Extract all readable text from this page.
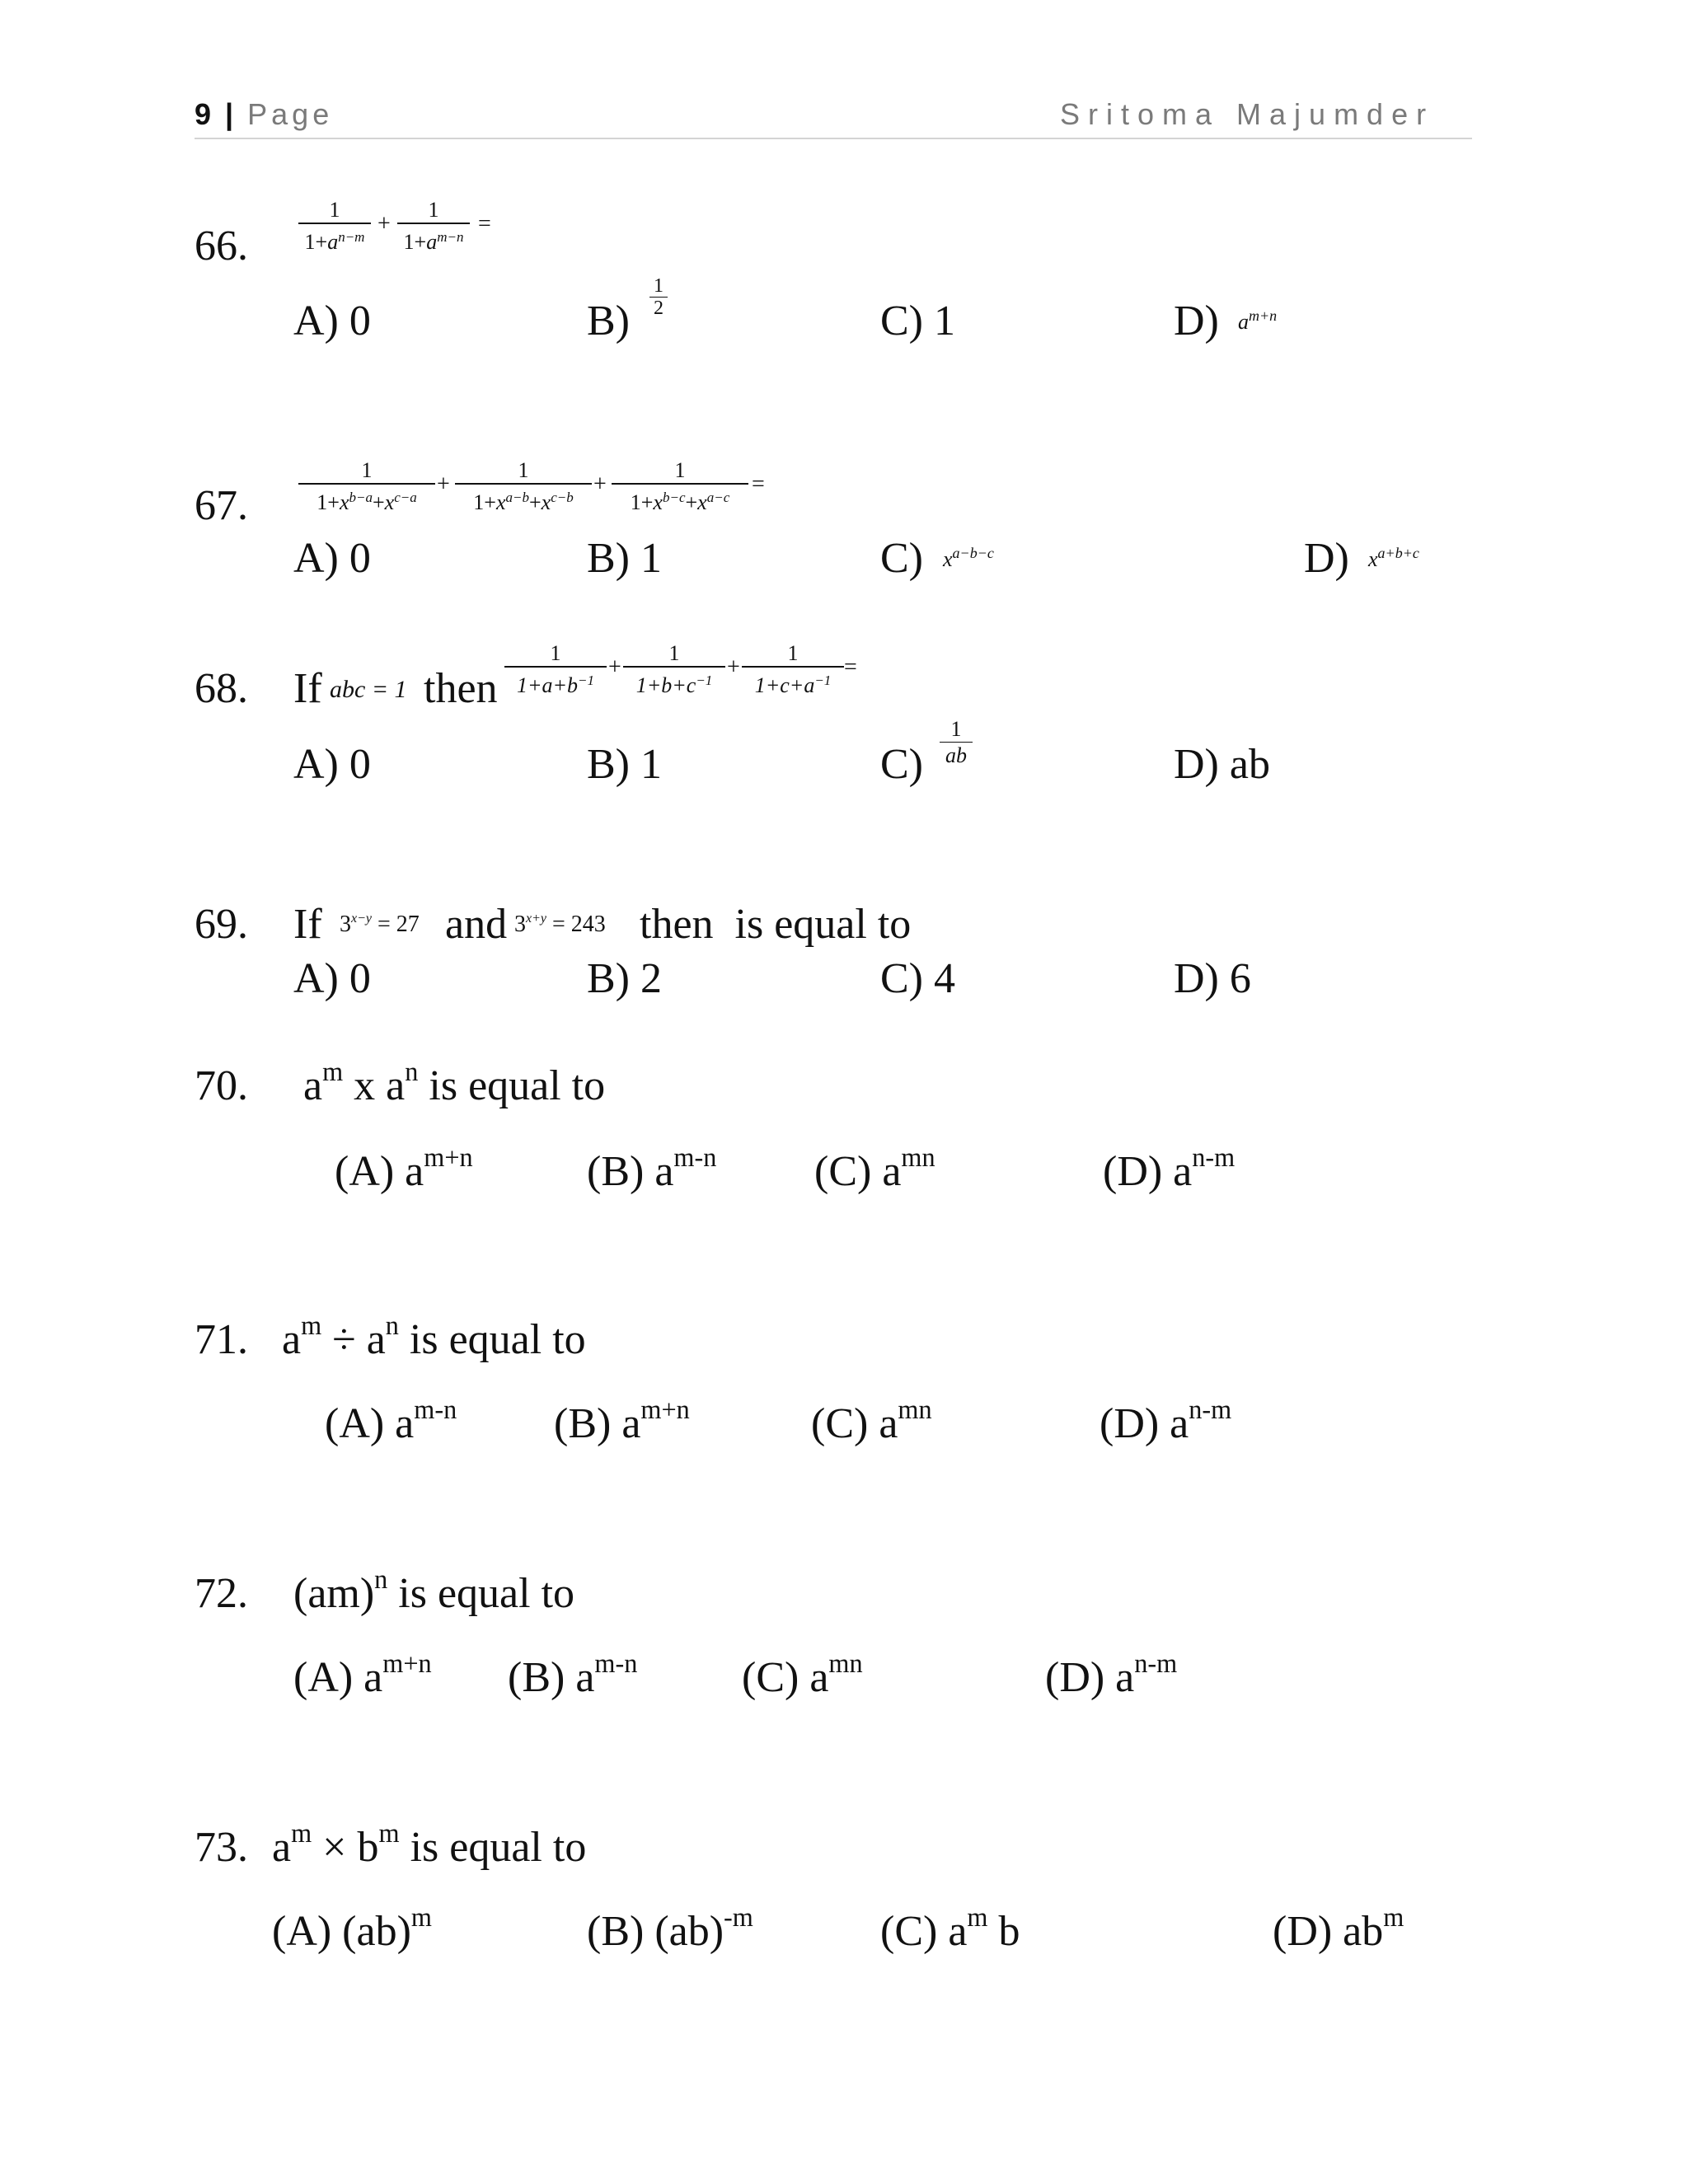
9 | Page	Sritoma Majumder
66.
1
$1+a^{n-m}$
+
1
$1+a^{m-n}$
=
A) 0	B)
1
2	C) 1	D) $a^{m+n}$
67.
1
$1+x^{b-a}+x^{c-a}$
+
1
$1+x^{a-b}+x^{c-b}$
+
1
$1+x^{b-c}+x^{a-c}$
=
A) 0	B) 1	C) $x^{a-b-c}$	D) $x^{a+b+c}$
68. If abc = 1 then
1
$1+a+b^{-1}$
+
1
$1+b+c^{-1}$
+
1
$1+c+a^{-1}$
=
A) 0	B) 1	C)
1
ab	D) ab
69. If $3^{x-y} = 27$ and $3^{x+y} = 243$ then  is equal to
A) 0	B) 2	C) 4	D) 6
70. $a^m$ x $a^n$ is equal to
(A) $a^{m+n}$	(B) $a^{m-n}$ (C) $a^{mn}$	(D) $a^{n-m}$
71. $a^m \div a^n$ is equal to
(A) $a^{m-n}$ (B) $a^{m+n}$	(C) $a^{mn}$	(D) $a^{n-m}$
72. (am)$^n$ is equal to
(A) $a^{m+n}$ (B) $a^{m-n}$ (C) $a^{mn}$	(D) $a^{n-m}$
73. $a^m \times b^m$ is equal to
(A) (ab)$^m$	(B) (ab)$^{-m}$	(C) $a^m$ b	(D) $ab^m$
